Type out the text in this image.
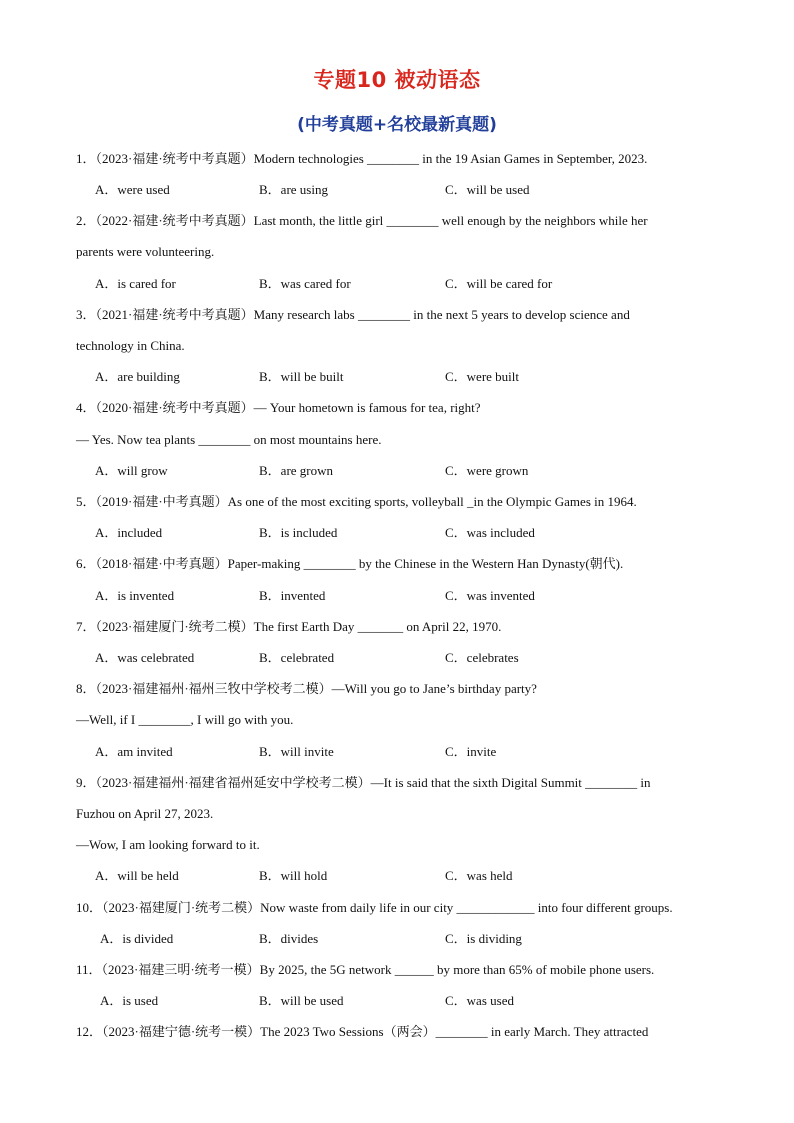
专题10 被动语态
(中考真题+名校最新真题)
1．（2023·福建·统考中考真题）Modern technologies ________ in the 19 Asian Games in September, 2023.
A．were used	B．are using	C．will be used
2．（2022·福建·统考中考真题）Last month, the little girl ________ well enough by the neighbors while her
parents were volunteering.
A．is cared for	B．was cared for	C．will be cared for
3．（2021·福建·统考中考真题）Many research labs ________ in the next 5 years to develop science and
technology in China.
A．are building	B．will be built	C．were built
4．（2020·福建·统考中考真题）— Your hometown is famous for tea, right?
— Yes. Now tea plants ________ on most mountains here.
A．will grow	B．are grown	C．were grown
5．（2019·福建·中考真题）As one of the most exciting sports, volleyball _in the Olympic Games in 1964.
A．included	B．is included	C．was included
6．（2018·福建·中考真题）Paper-making ________ by the Chinese in the Western Han Dynasty(朝代).
A．is invented	B．invented	C．was invented
7．（2023·福建厦门·统考二模）The first Earth Day _______ on April 22, 1970.
A．was celebrated	B．celebrated	C．celebrates
8．（2023·福建福州·福州三牧中学校考二模）—Will you go to Jane’s birthday party?
—Well, if I ________, I will go with you.
A．am invited	B．will invite	C．invite
9．（2023·福建福州·福建省福州延安中学校考二模）—It is said that the sixth Digital Summit ________ in
Fuzhou on April 27, 2023.
—Wow, I am looking forward to it.
A．will be held	B．will hold	C．was held
10．（2023·福建厦门·统考二模）Now waste from daily life in our city ____________ into four different groups.
A．is divided	B．divides	C．is dividing
11．（2023·福建三明·统考一模）By 2025, the 5G network ______ by more than 65% of mobile phone users.
A．is used	B．will be used	C．was used
12．（2023·福建宁德·统考一模）The 2023 Two Sessions（两会）________ in early March. They attracted
